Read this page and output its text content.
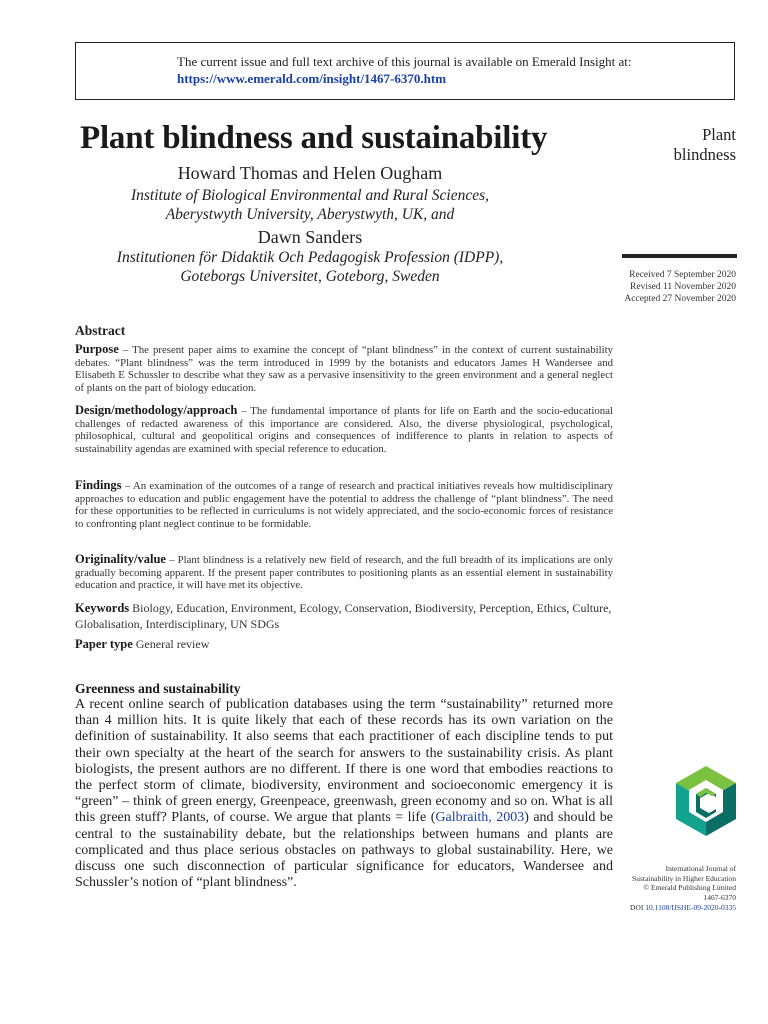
The current issue and full text archive of this journal is available on Emerald Insight at:
https://www.emerald.com/insight/1467-6370.htm
Plant blindness and sustainability	Plant
blindness
Howard Thomas and Helen Ougham
Institute of Biological Environmental and Rural Sciences,
Aberystwyth University, Aberystwyth, UK, and
Dawn Sanders
Institutionen för Didaktik Och Pedagogisk Profession (IDPP),
Goteborgs Universitet, Goteborg, Sweden	Received 7 September 2020
Revised 11 November 2020
Accepted 27 November 2020
Abstract
Purpose – The present paper aims to examine the concept of “plant blindness” in the context of current sustainability debates. “Plant blindness” was the term introduced in 1999 by the botanists and educators James H Wandersee and Elisabeth E Schussler to describe what they saw as a pervasive insensitivity to the green environment and a general neglect of plants on the part of biology education.
Design/methodology/approach – The fundamental importance of plants for life on Earth and the socio-educational challenges of redacted awareness of this importance are considered. Also, the diverse physiological, psychological, philosophical, cultural and geopolitical origins and consequences of indifference to plants in relation to aspects of sustainability agendas are examined with special reference to education.
Findings – An examination of the outcomes of a range of research and practical initiatives reveals how multidisciplinary approaches to education and public engagement have the potential to address the challenge of “plant blindness”. The need for these opportunities to be reflected in curriculums is not widely appreciated, and the socio-economic forces of resistance to confronting plant neglect continue to be formidable.
Originality/value – Plant blindness is a relatively new field of research, and the full breadth of its implications are only gradually becoming apparent. If the present paper contributes to positioning plants as an essential element in sustainability education and practice, it will have met its objective.
Keywords Biology, Education, Environment, Ecology, Conservation, Biodiversity, Perception, Ethics, Culture, Globalisation, Interdisciplinary, UN SDGs
Paper type General review
Greenness and sustainability
A recent online search of publication databases using the term “sustainability” returned more than 4 million hits. It is quite likely that each of these records has its own variation on the definition of sustainability. It also seems that each practitioner of each discipline tends to put their own specialty at the heart of the search for answers to the sustainability crisis. As plant biologists, the present authors are no different. If there is one word that embodies reactions to the perfect storm of climate, biodiversity, environment and socioeconomic emergency it is “green” – think of green energy, Greenpeace, greenwash, green economy and so on. What is all this green stuff? Plants, of course. We argue that plants = life (Galbraith, 2003) and should be central to the sustainability debate, but the relationships between humans and plants are complicated and thus place serious obstacles on pathways to global sustainability. Here, we discuss one such disconnection of particular significance for educators, Wandersee and Schussler’s notion of “plant blindness”.
International Journal of
Sustainability in Higher Education
© Emerald Publishing Limited
1467-6370
DOI 10.1108/IJSHE-09-2020-0335
